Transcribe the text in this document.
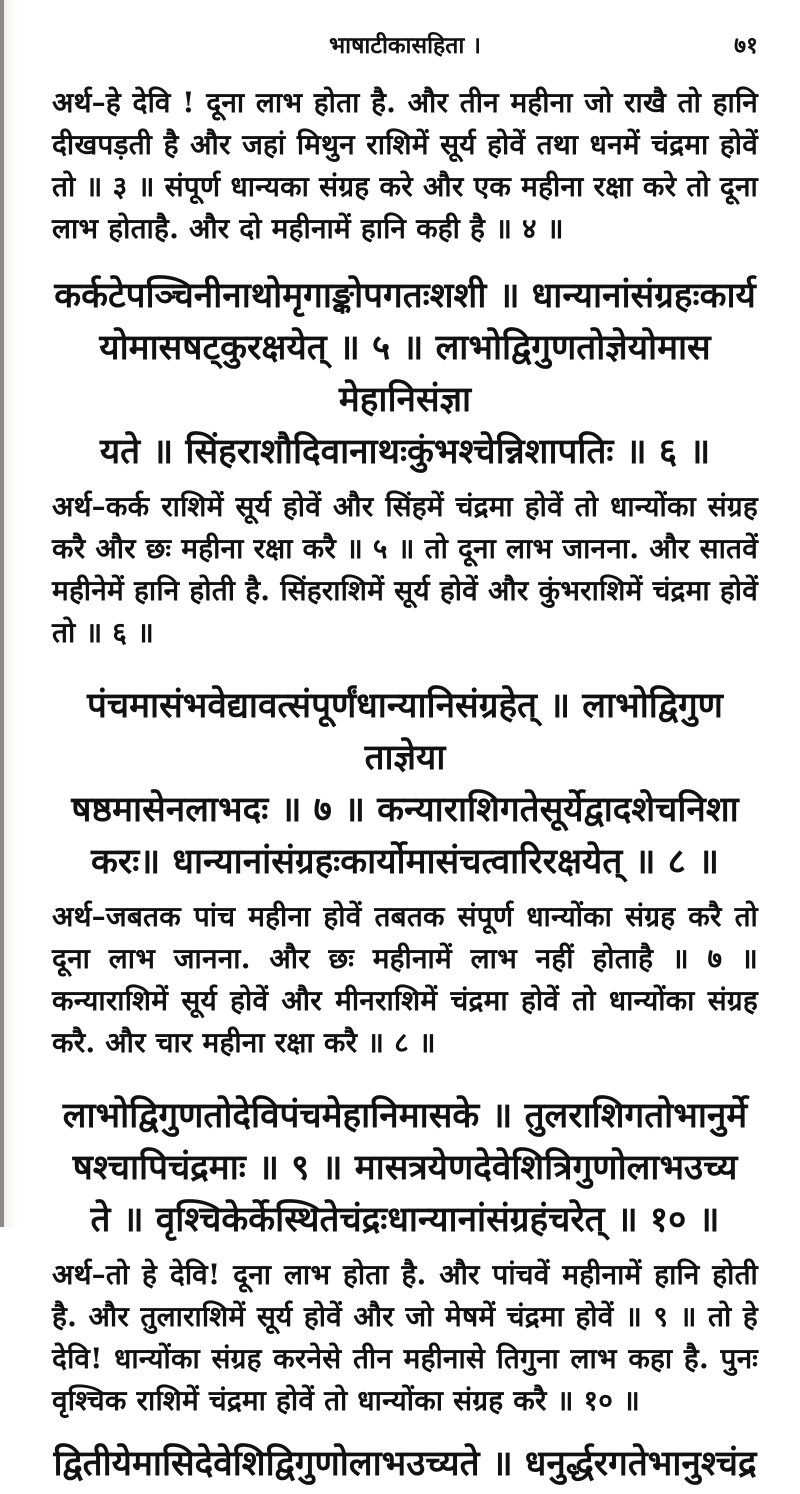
भाषाटीकासहिता ।	७१

अर्थ–हे देवि ! दूना लाभ होता है. और तीन महीना जो राखै तो हानि दीखपड़ती है और जहां मिथुन राशिमें सूर्य होवें तथा धनमें चंद्रमा होवें तो ॥ ३ ॥ संपूर्ण धान्यका संग्रह करे और एक महीना रक्षा करे तो दूना लाभ होताहै. और दो महीनामें हानि कही है ॥ ४ ॥

कर्कटेपञ्चिनीनाथोमृगाङ्कोपगतःशशी ॥ धान्यानांसंग्रहःकार्य
योमासषट्कुरक्षयेत् ॥ ५ ॥ लाभोद्विगुणतोज्ञेयोमासमेहानिसंज्ञा
यते ॥ सिंहराशौदिवानाथःकुंभश्चेन्निशापतिः ॥ ६ ॥

अर्थ–कर्क राशिमें सूर्य होवें और सिंहमें चंद्रमा होवें तो धान्योंका संग्रह करै और छः महीना रक्षा करै ॥ ५ ॥ तो दूना लाभ जानना. और सातवें महीनेमें हानि होती है. सिंहराशिमें सूर्य होवें और कुंभराशिमें चंद्रमा होवें तो ॥ ६ ॥

पंचमासंभवेद्यावत्संपूर्णंधान्यानिसंग्रहेत् ॥ लाभोद्विगुणताज्ञेया
षष्ठमासेनलाभदः ॥ ७ ॥ कन्याराशिगतेसूर्येद्वादशेचनिशा
करः॥ धान्यानांसंग्रहःकार्योमासंचत्वारिरक्षयेत् ॥ ८ ॥

अर्थ–जबतक पांच महीना होवें तबतक संपूर्ण धान्योंका संग्रह करै तो दूना लाभ जानना. और छः महीनामें लाभ नहीं होताहै ॥ ७ ॥ कन्याराशिमें सूर्य होवें और मीनराशिमें चंद्रमा होवें तो धान्योंका संग्रह करै. और चार महीना रक्षा करै ॥ ८ ॥

लाभोद्विगुणतोदेविपंचमेहानिमासके ॥ तुलराशिगतोभानुर्मे
षश्चापिचंद्रमाः ॥ ९ ॥ मासत्रयेणदेवेशित्रिगुणोलाभउच्य
ते ॥ वृश्चिकेर्केस्थितेचंद्रःधान्यानांसंग्रहंचरेत् ॥ १० ॥

अर्थ–तो हे देवि! दूना लाभ होता है. और पांचवें महीनामें हानि होती है. और तुलाराशिमें सूर्य होवें और जो मेषमें चंद्रमा होवें ॥ ९ ॥ तो हे देवि! धान्योंका संग्रह करनेसे तीन महीनासे तिगुना लाभ कहा है. पुनः वृश्चिक राशिमें चंद्रमा होवें तो धान्योंका संग्रह करै ॥ १० ॥

द्वितीयेमासिदेवेशिद्विगुणोलाभउच्यते ॥ धनुर्द्धरगतेभानुश्चंद्र
